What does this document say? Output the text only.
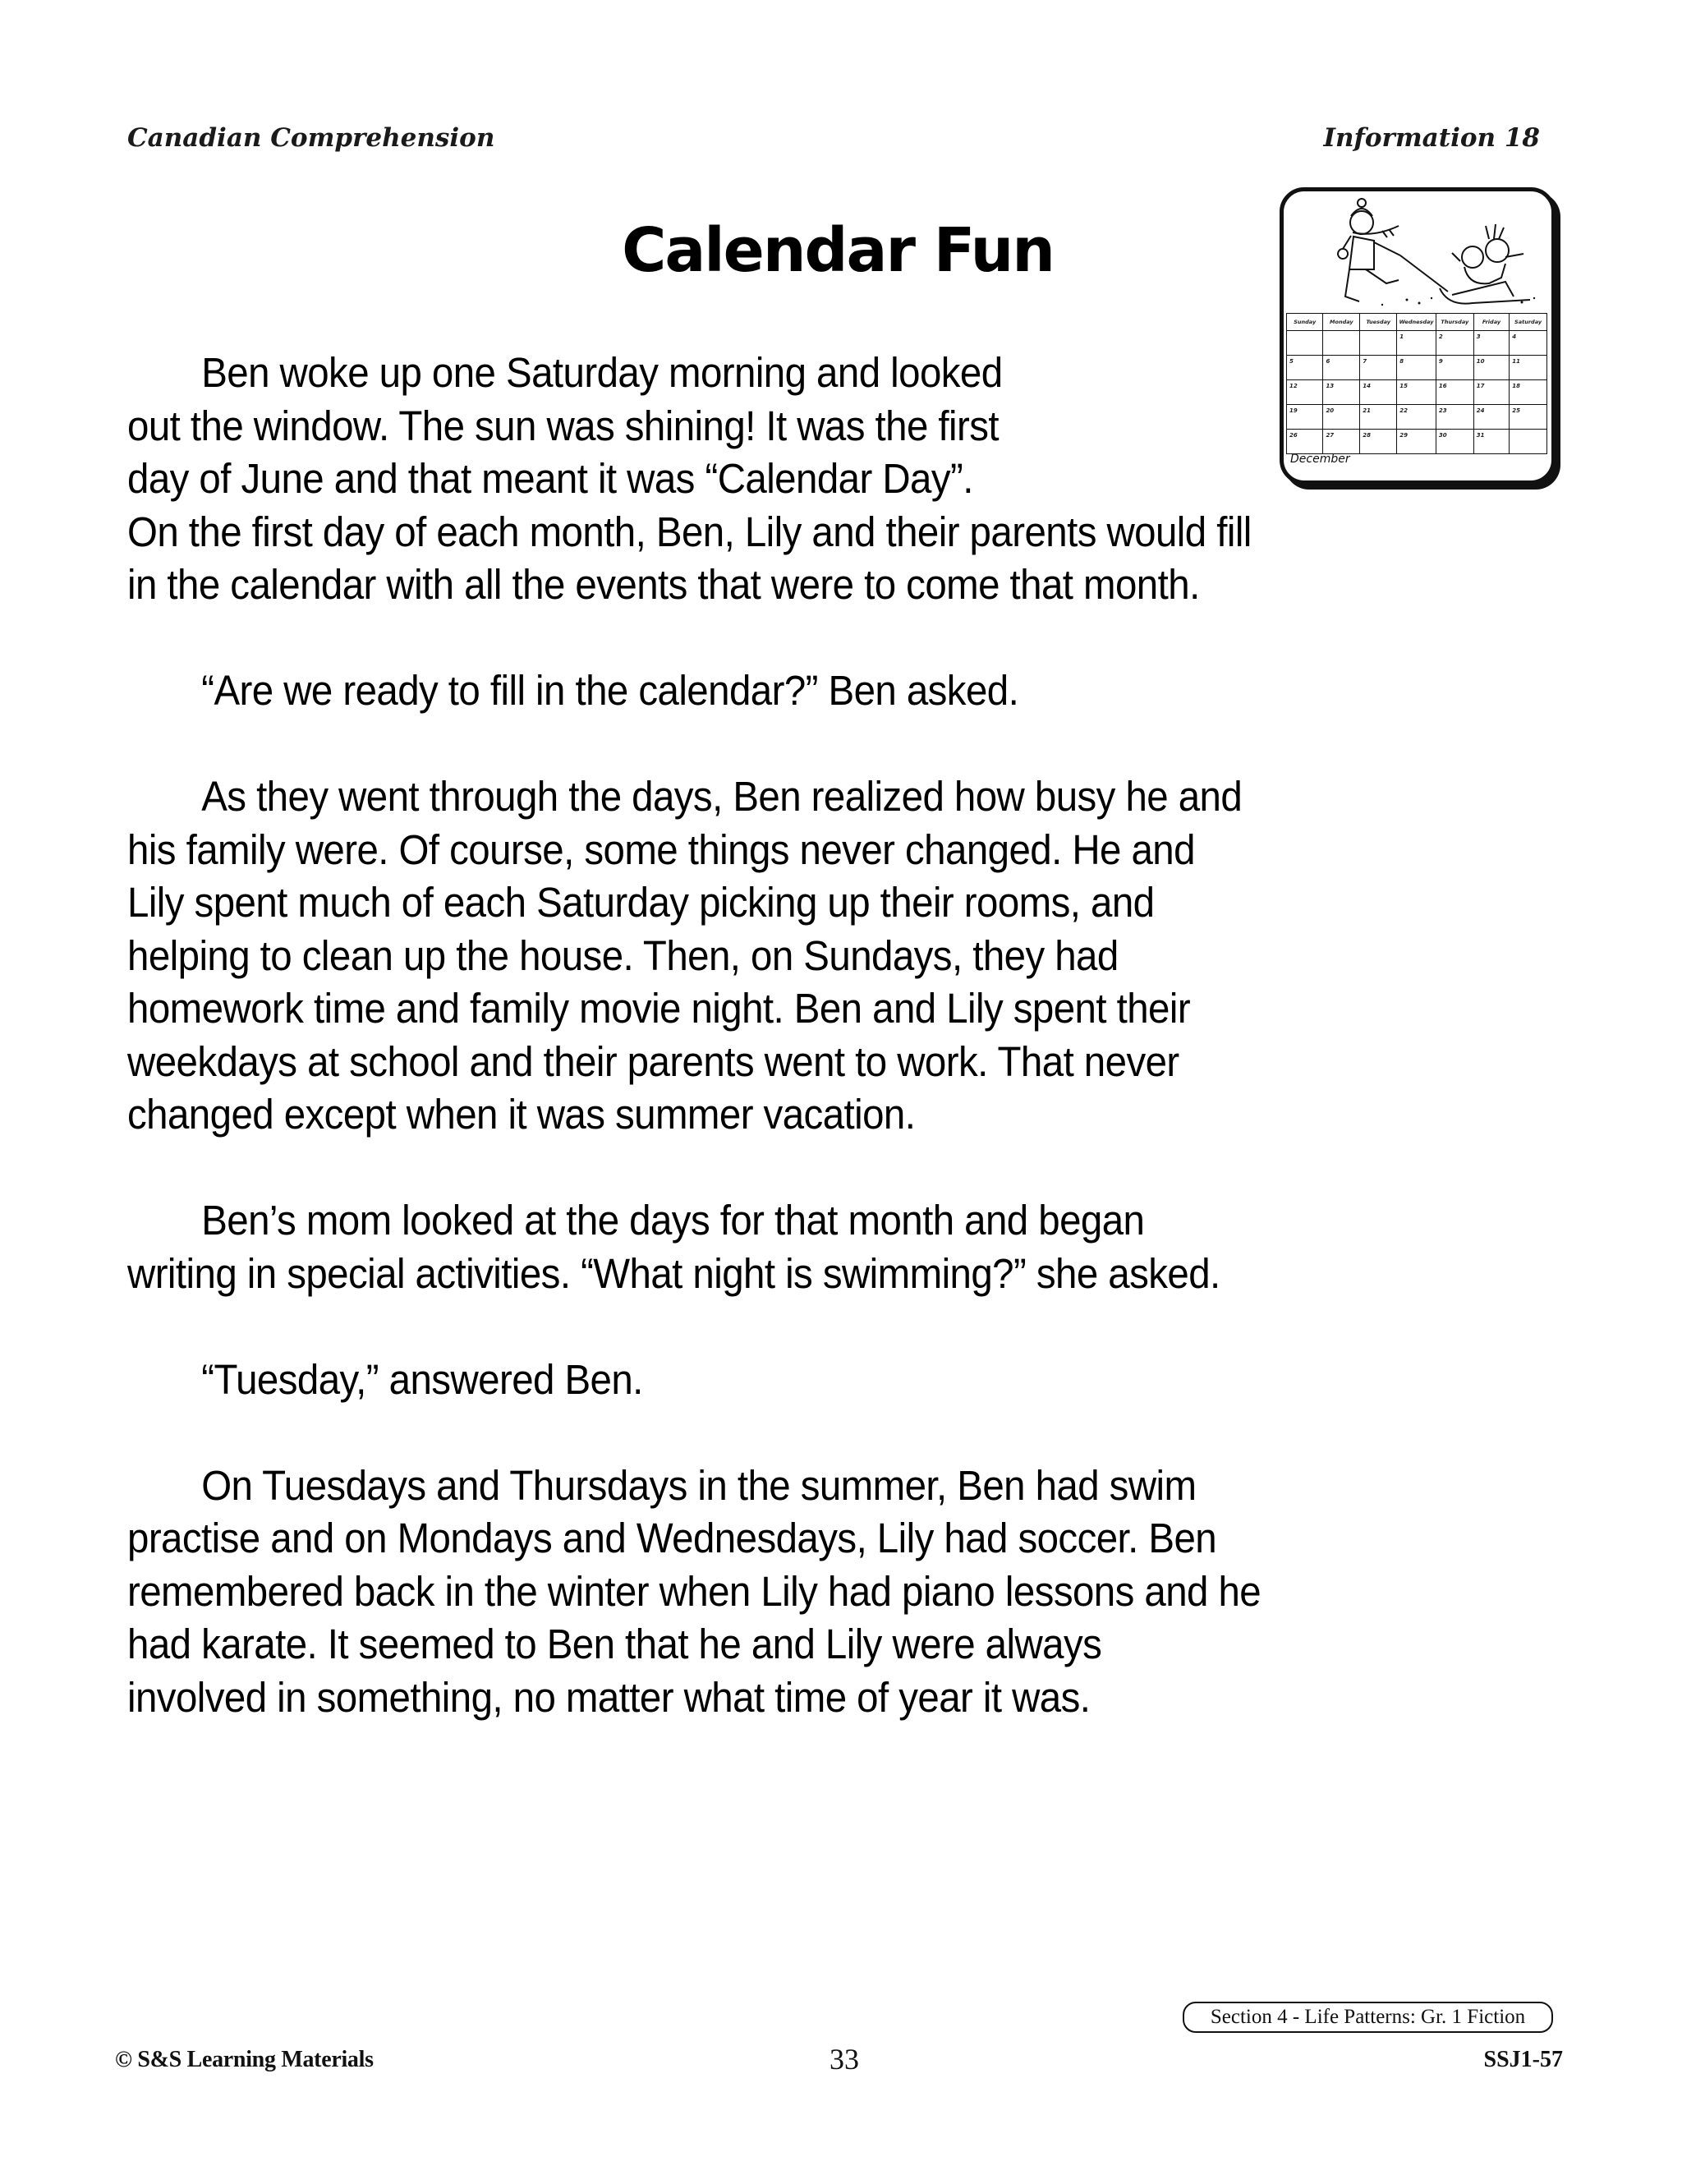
Canadian Comprehension	Information 18
Calendar Fun
Sunday	Monday	Tuesday	Wednesday	Thursday	Friday	Saturday
			1	2	3	4
5	6	7	8	9	10	11
12	13	14	15	16	17	18
19	20	21	22	23	24	25
26	27	28	29	30	31	
December

Ben woke up one Saturday morning and looked
out the window. The sun was shining! It was the first
day of June and that meant it was “Calendar Day”.
On the first day of each month, Ben, Lily and their parents would fill
in the calendar with all the events that were to come that month.

“Are we ready to fill in the calendar?” Ben asked.

As they went through the days, Ben realized how busy he and
his family were. Of course, some things never changed. He and
Lily spent much of each Saturday picking up their rooms, and
helping to clean up the house. Then, on Sundays, they had
homework time and family movie night. Ben and Lily spent their
weekdays at school and their parents went to work. That never
changed except when it was summer vacation.

Ben’s mom looked at the days for that month and began
writing in special activities. “What night is swimming?” she asked.

“Tuesday,” answered Ben.

On Tuesdays and Thursdays in the summer, Ben had swim
practise and on Mondays and Wednesdays, Lily had soccer. Ben
remembered back in the winter when Lily had piano lessons and he
had karate. It seemed to Ben that he and Lily were always
involved in something, no matter what time of year it was.

Section 4 - Life Patterns: Gr. 1 Fiction
© S&S Learning Materials	33	SSJ1-57
